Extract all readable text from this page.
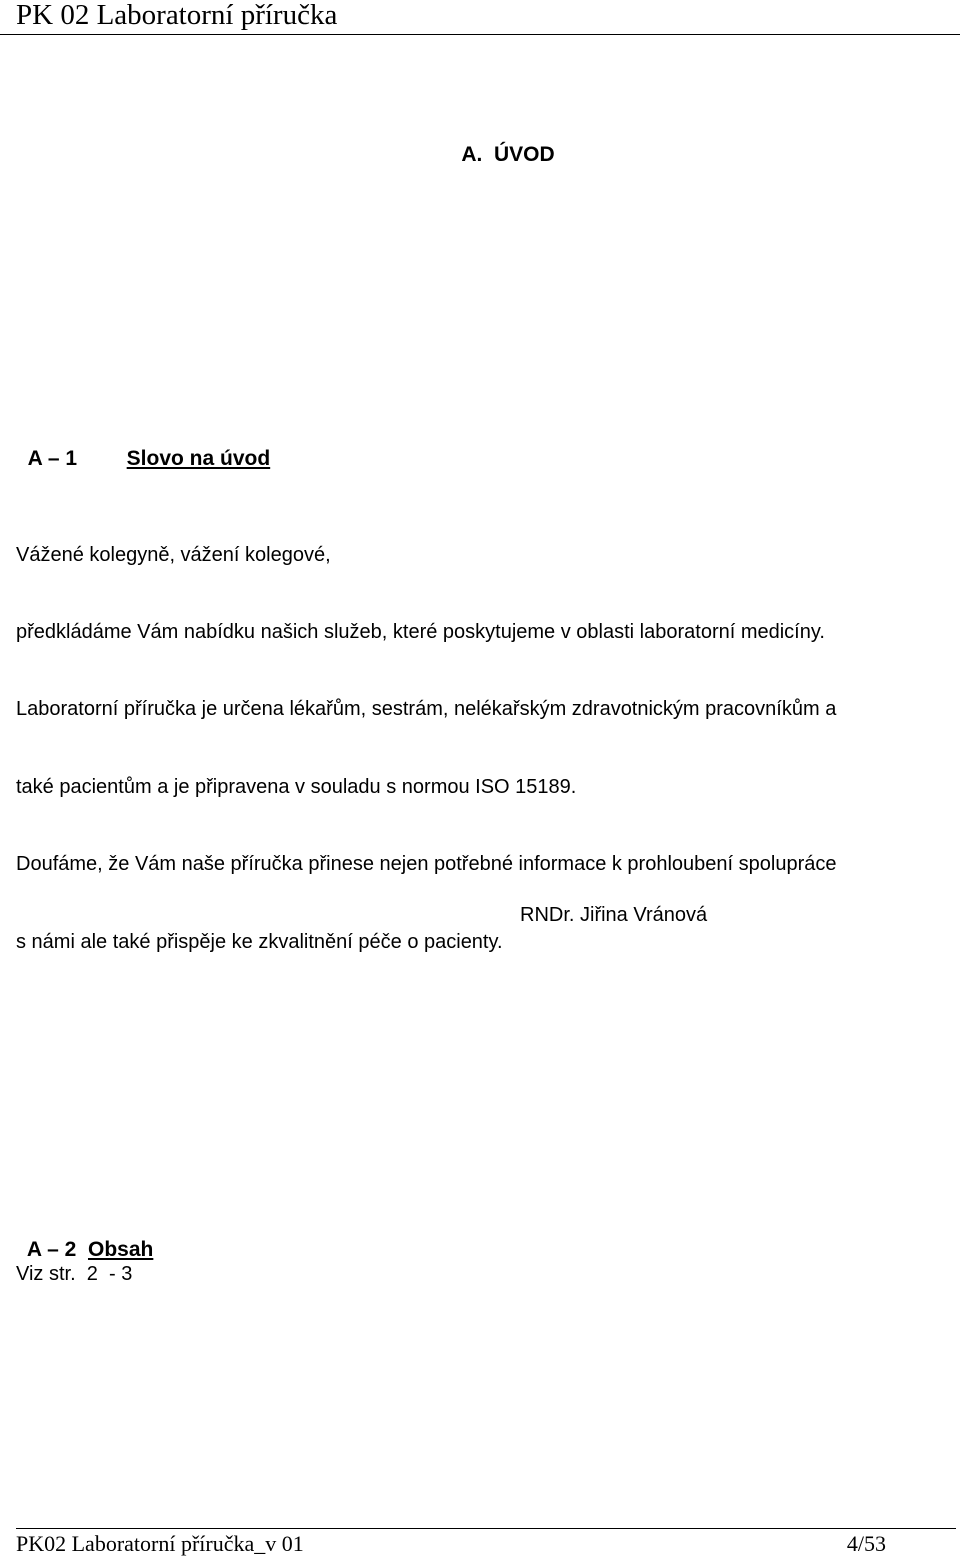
PK 02 Laboratorní příručka
A.  ÚVOD

A – 1 Slovo na úvod

Vážené kolegyně, vážení kolegové,

předkládáme Vám nabídku našich služeb, které poskytujeme v oblasti laboratorní medicíny.

Laboratorní příručka je určena lékařům, sestrám, nelékařským zdravotnickým pracovníkům a

také pacientům a je připravena v souladu s normou ISO 15189.

Doufáme, že Vám naše příručka přinese nejen potřebné informace k prohloubení spolupráce

s námi ale také přispěje ke zkvalitnění péče o pacienty.

RNDr. Jiřina Vránová

A – 2 Obsah

Viz str.  2  - 3
PK02 Laboratorní příručka_v 01	4/53
